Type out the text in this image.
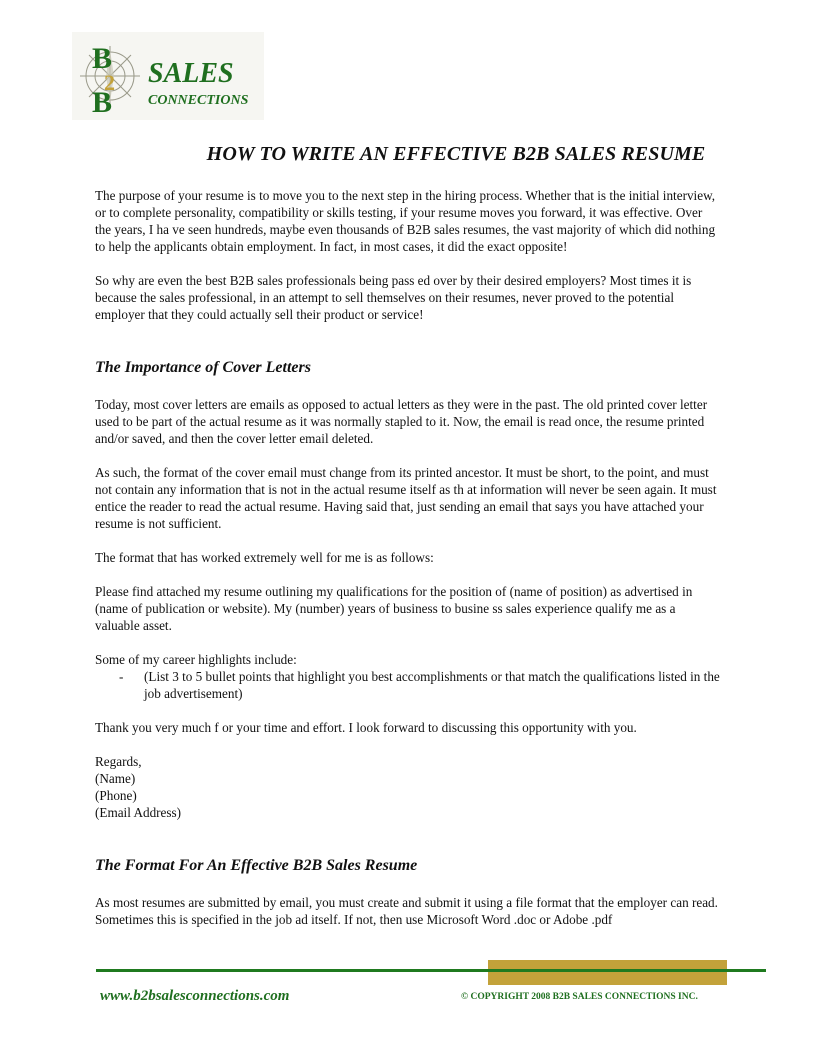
B
2
B
SALES
CONNECTIONS
HOW TO WRITE AN EFFECTIVE B2B SALES RESUME

The purpose of your resume is to move you to the next step in the hiring process. Whether that is the initial interview, or to complete personality, compatibility or skills testing, if your resume moves you forward, it was effective. Over the years, I ha ve seen hundreds, maybe even thousands of B2B sales resumes, the vast majority of which did nothing to help the applicants obtain employment. In fact, in most cases, it did the exact opposite!

So why are even the best B2B sales professionals being pass ed over by their desired employers? Most times it is because the sales professional, in an attempt to sell themselves on their resumes, never proved to the potential employer that they could actually sell their product or service!

The Importance of Cover Letters

Today, most cover letters are emails as opposed to actual letters as they were in the past. The old printed cover letter used to be part of the actual resume as it was normally stapled to it. Now, the email is read once, the resume printed and/or saved, and then the cover letter email deleted.

As such, the format of the cover email must change from its printed ancestor. It must be short, to the point, and must not contain any information that is not in the actual resume itself as th at information will never be seen again. It must entice the reader to read the actual resume. Having said that, just sending an email that says you have attached your resume is not sufficient.

The format that has worked extremely well for me is as follows:

Please find attached my resume outlining my qualifications for the position of (name of position) as advertised in (name of publication or website). My (number) years of business to busine ss sales experience qualify me as a valuable asset.

Some of my career highlights include:

-	(List 3 to 5 bullet points that highlight you best accomplishments or that match the qualifications listed in the job advertisement)

Thank you very much f or your time and effort. I look forward to discussing this opportunity with you.

Regards,

(Name)

(Phone)

(Email Address)

The Format For An Effective B2B Sales Resume

As most resumes are submitted by email, you must create and submit it using a file format that the employer can read. Sometimes this is specified in the job ad itself. If not, then use Microsoft Word .doc or Adobe .pdf

www.b2bsalesconnections.com	© COPYRIGHT 2008 B2B SALES CONNECTIONS INC.
